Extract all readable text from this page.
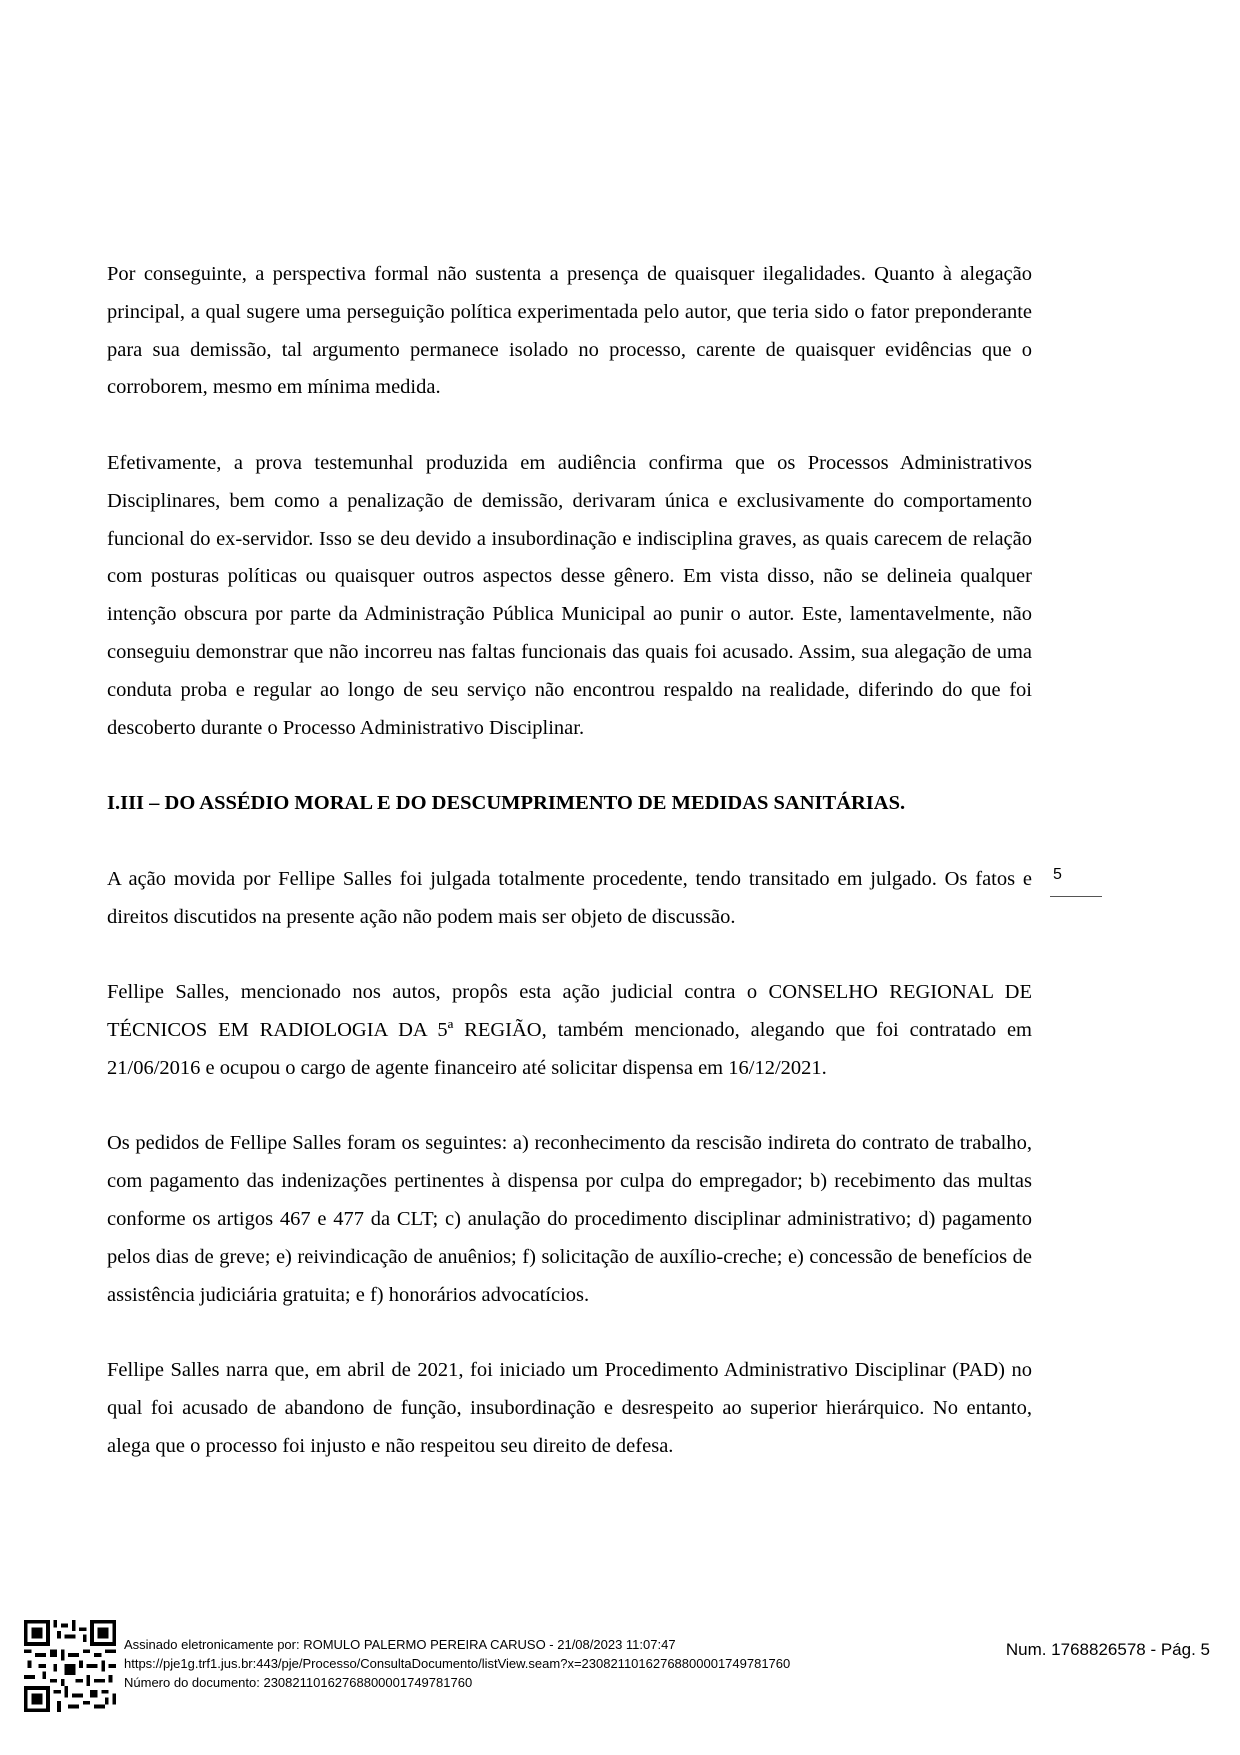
Por conseguinte, a perspectiva formal não sustenta a presença de quaisquer ilegalidades. Quanto à alegação principal, a qual sugere uma perseguição política experimentada pelo autor, que teria sido o fator preponderante para sua demissão, tal argumento permanece isolado no processo, carente de quaisquer evidências que o corroborem, mesmo em mínima medida.

Efetivamente, a prova testemunhal produzida em audiência confirma que os Processos Administrativos Disciplinares, bem como a penalização de demissão, derivaram única e exclusivamente do comportamento funcional do ex-servidor. Isso se deu devido a insubordinação e indisciplina graves, as quais carecem de relação com posturas políticas ou quaisquer outros aspectos desse gênero. Em vista disso, não se delineia qualquer intenção obscura por parte da Administração Pública Municipal ao punir o autor. Este, lamentavelmente, não conseguiu demonstrar que não incorreu nas faltas funcionais das quais foi acusado. Assim, sua alegação de uma conduta proba e regular ao longo de seu serviço não encontrou respaldo na realidade, diferindo do que foi descoberto durante o Processo Administrativo Disciplinar.

I.III – DO ASSÉDIO MORAL E DO DESCUMPRIMENTO DE MEDIDAS SANITÁRIAS.

A ação movida por Fellipe Salles foi julgada totalmente procedente, tendo transitado em julgado. Os fatos e direitos discutidos na presente ação não podem mais ser objeto de discussão.

Fellipe Salles, mencionado nos autos, propôs esta ação judicial contra o CONSELHO REGIONAL DE TÉCNICOS EM RADIOLOGIA DA 5ª REGIÃO, também mencionado, alegando que foi contratado em 21/06/2016 e ocupou o cargo de agente financeiro até solicitar dispensa em 16/12/2021.

Os pedidos de Fellipe Salles foram os seguintes: a) reconhecimento da rescisão indireta do contrato de trabalho, com pagamento das indenizações pertinentes à dispensa por culpa do empregador; b) recebimento das multas conforme os artigos 467 e 477 da CLT; c) anulação do procedimento disciplinar administrativo; d) pagamento pelos dias de greve; e) reivindicação de anuênios; f) solicitação de auxílio-creche; e) concessão de benefícios de assistência judiciária gratuita; e f) honorários advocatícios.

Fellipe Salles narra que, em abril de 2021, foi iniciado um Procedimento Administrativo Disciplinar (PAD) no qual foi acusado de abandono de função, insubordinação e desrespeito ao superior hierárquico. No entanto, alega que o processo foi injusto e não respeitou seu direito de defesa.

5
Assinado eletronicamente por: ROMULO PALERMO PEREIRA CARUSO - 21/08/2023 11:07:47
https://pje1g.trf1.jus.br:443/pje/Processo/ConsultaDocumento/listView.seam?x=23082110162768800001749781760
Número do documento: 23082110162768800001749781760
Num. 1768826578 - Pág. 5
